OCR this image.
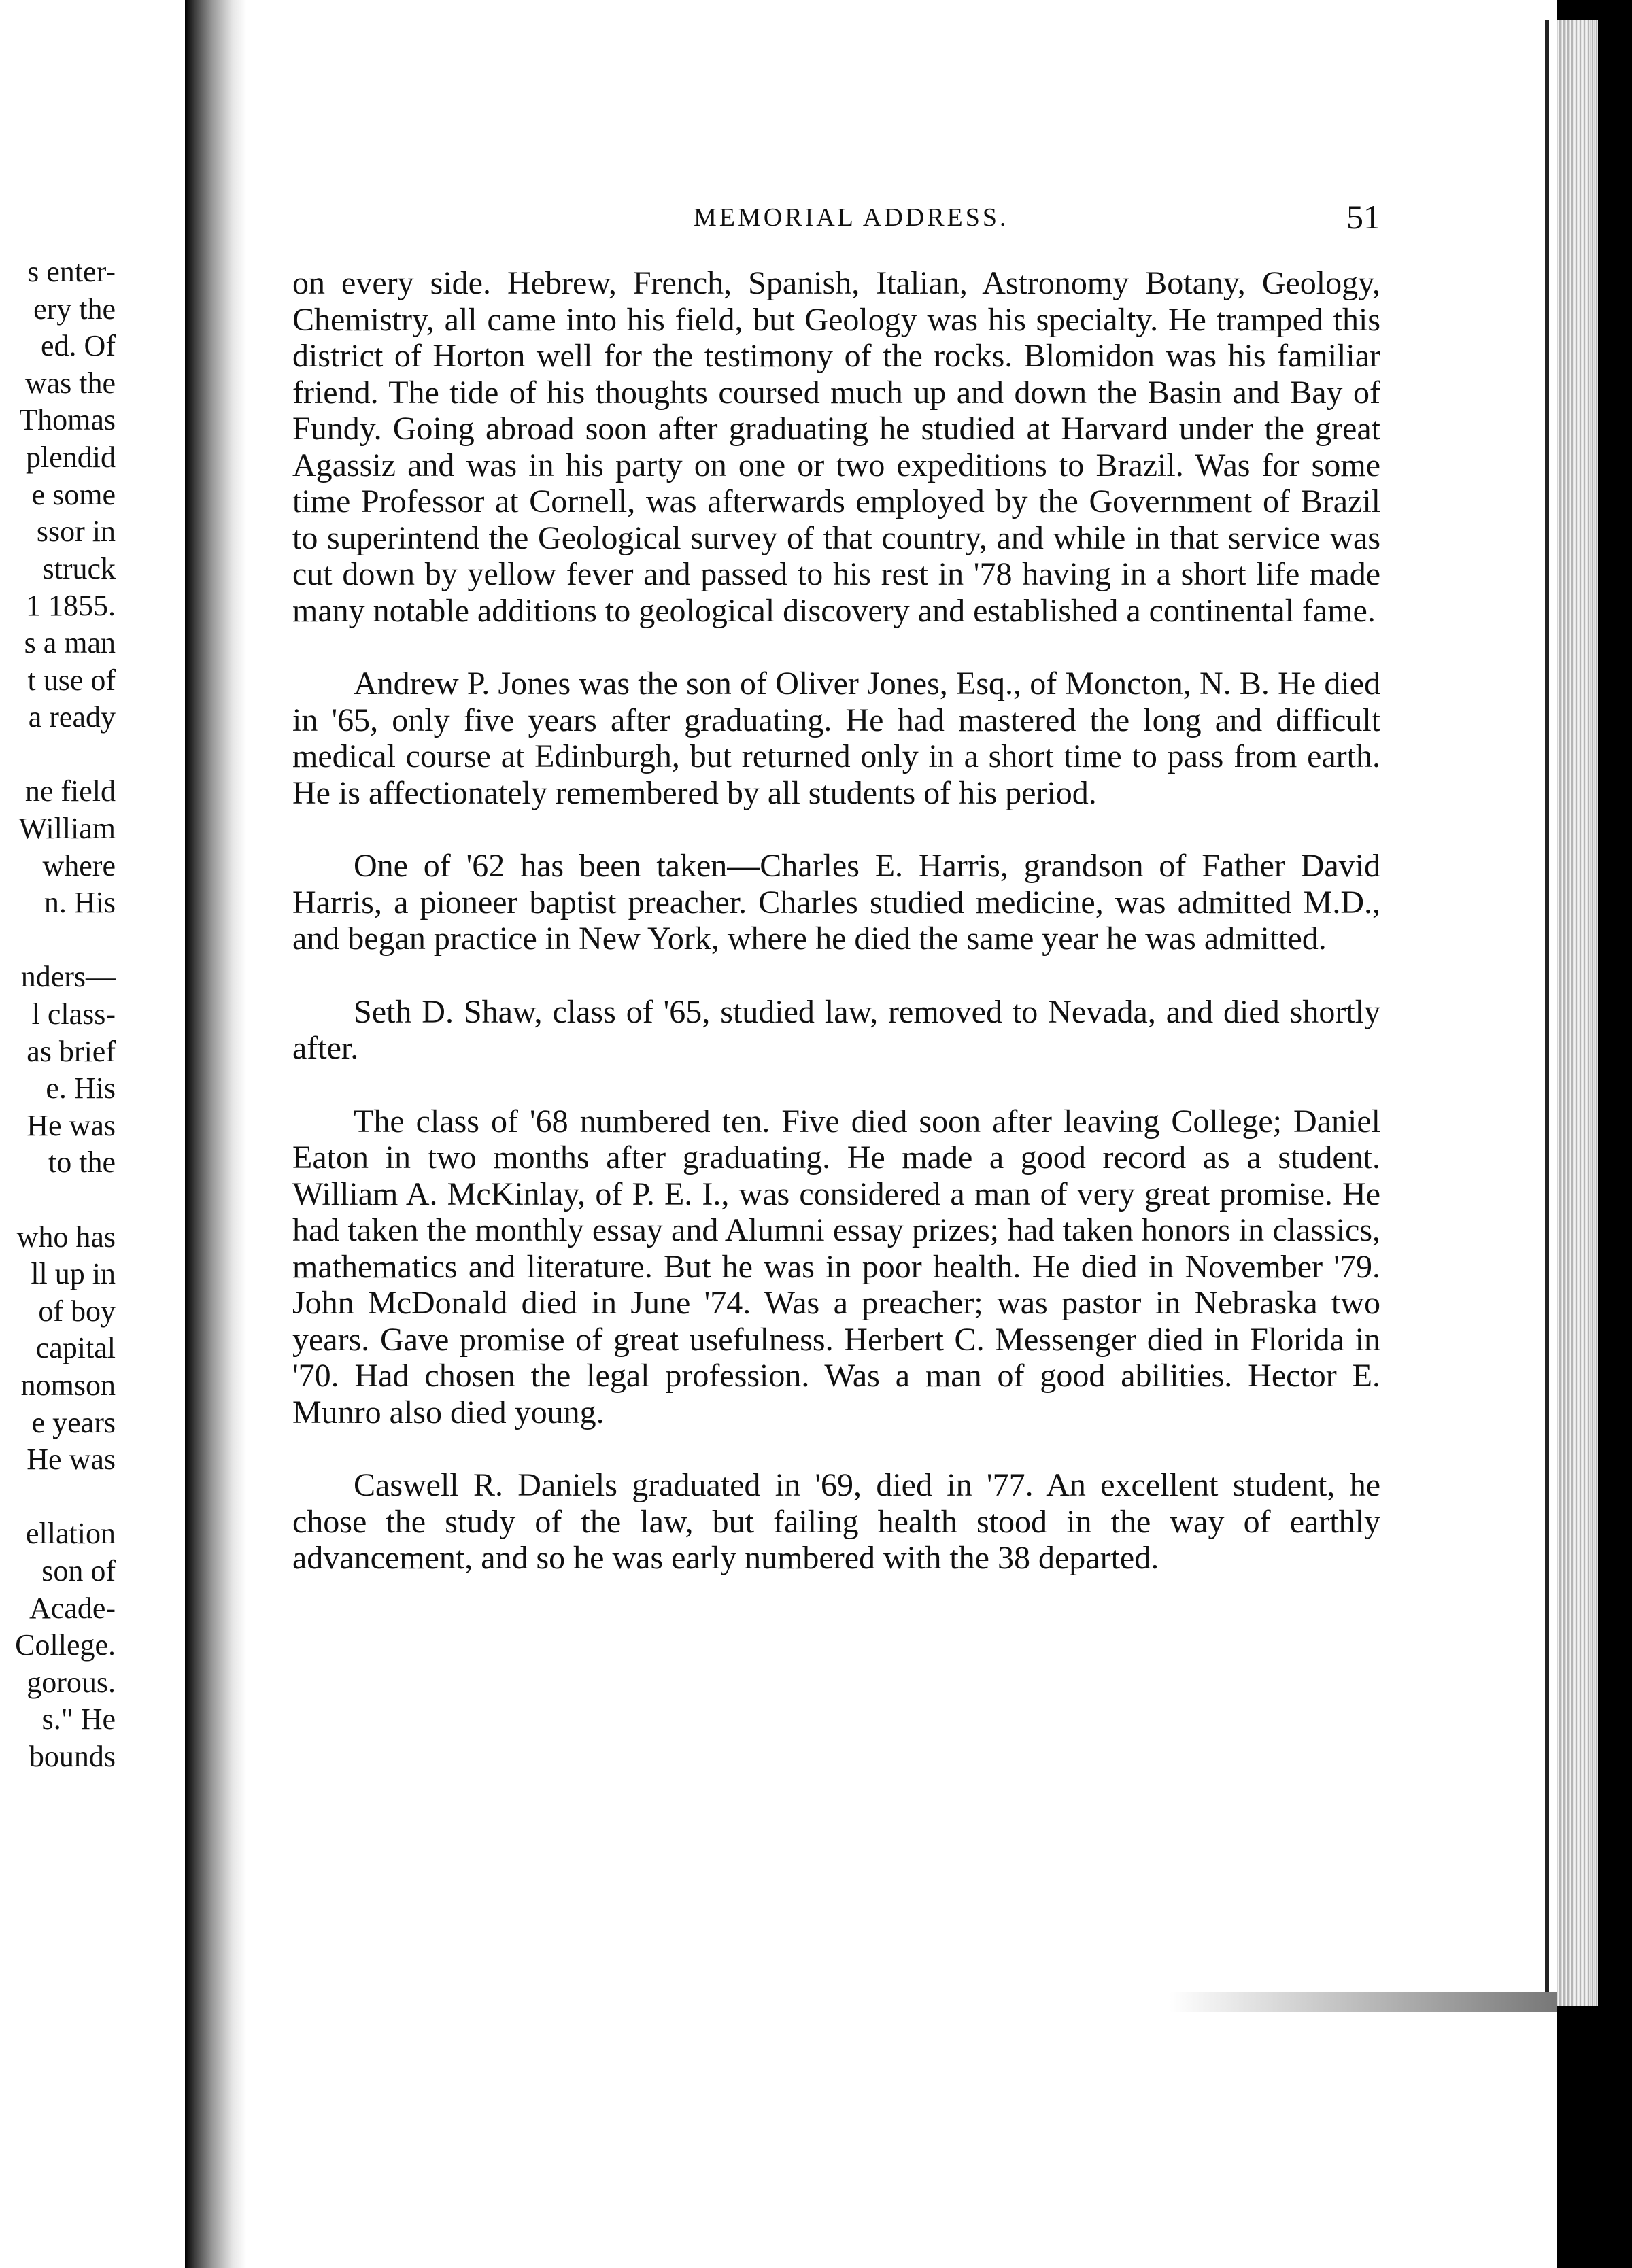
s enter-
ery the
ed. Of
was the
Thomas
plendid
e some
ssor in
struck
1 1855.
s a man
t use of
a ready
ne field
William
where
n. His
nders—
l class-
as brief
e. His
He was
to the
who has
ll up in
of boy
capital
nomson
e years
He was
ellation
son of
Acade-
College.
gorous.
s." He
bounds
MEMORIAL ADDRESS.	51

on every side. Hebrew, French, Spanish, Italian, Astronomy Botany, Geology, Chemistry, all came into his field, but Geology was his specialty. He tramped this district of Horton well for the testimony of the rocks. Blomidon was his familiar friend. The tide of his thoughts coursed much up and down the Basin and Bay of Fundy. Going abroad soon after graduating he studied at Harvard under the great Agassiz and was in his party on one or two expeditions to Brazil. Was for some time Professor at Cornell, was afterwards employed by the Government of Brazil to superintend the Geological survey of that country, and while in that service was cut down by yellow fever and passed to his rest in '78 having in a short life made many notable additions to geological discovery and established a continental fame.

Andrew P. Jones was the son of Oliver Jones, Esq., of Moncton, N. B. He died in '65, only five years after graduating. He had mastered the long and difficult medical course at Edinburgh, but returned only in a short time to pass from earth. He is affectionately remembered by all students of his period.

One of '62 has been taken—Charles E. Harris, grandson of Father David Harris, a pioneer baptist preacher. Charles studied medicine, was admitted M.D., and began practice in New York, where he died the same year he was admitted.

Seth D. Shaw, class of '65, studied law, removed to Nevada, and died shortly after.

The class of '68 numbered ten. Five died soon after leaving College; Daniel Eaton in two months after graduating. He made a good record as a student. William A. McKinlay, of P. E. I., was considered a man of very great promise. He had taken the monthly essay and Alumni essay prizes; had taken honors in classics, mathematics and literature. But he was in poor health. He died in November '79. John McDonald died in June '74. Was a preacher; was pastor in Nebraska two years. Gave promise of great usefulness. Herbert C. Messenger died in Florida in '70. Had chosen the legal profession. Was a man of good abilities. Hector E. Munro also died young.

Caswell R. Daniels graduated in '69, died in '77. An excellent student, he chose the study of the law, but failing health stood in the way of earthly advancement, and so he was early numbered with the 38 departed.
